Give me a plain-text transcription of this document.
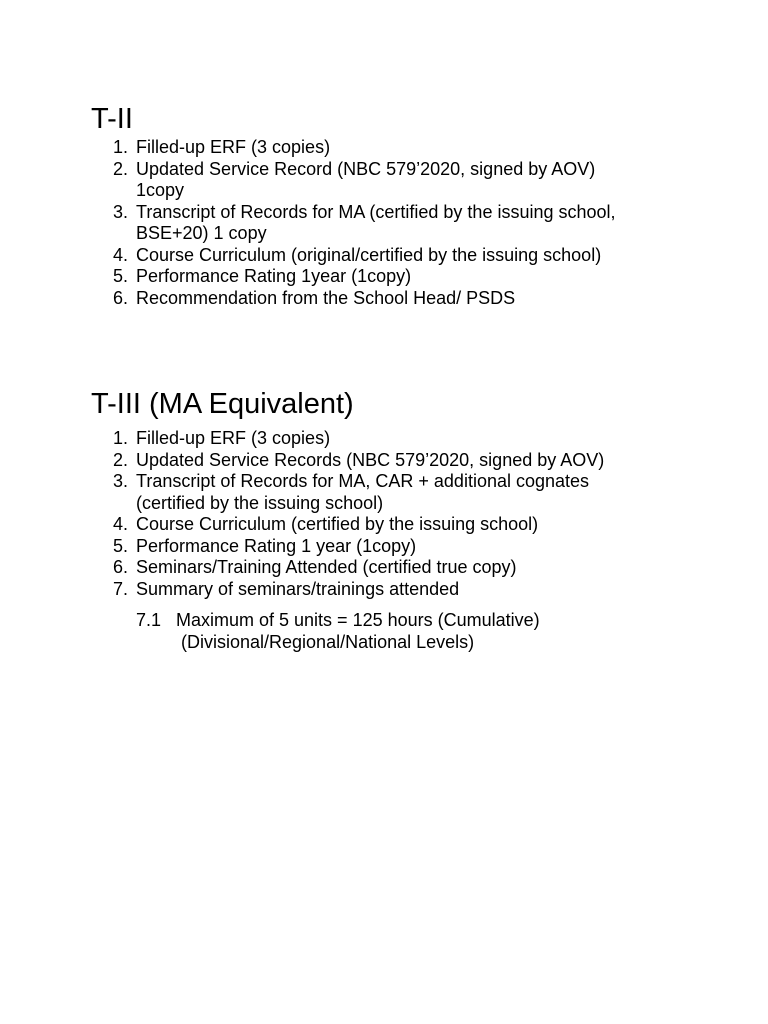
T-II
1. Filled-up ERF (3 copies)
2. Updated Service Record (NBC 579’2020, signed by AOV)
1copy
3. Transcript of Records for MA (certified by the issuing school,
BSE+20) 1 copy
4. Course Curriculum (original/certified by the issuing school)
5. Performance Rating 1year (1copy)
6. Recommendation from the School Head/ PSDS
T-III (MA Equivalent)
1. Filled-up ERF (3 copies)
2. Updated Service Records (NBC 579’2020, signed by AOV)
3. Transcript of Records for MA, CAR + additional cognates
(certified by the issuing school)
4. Course Curriculum (certified by the issuing school)
5. Performance Rating 1 year (1copy)
6. Seminars/Training Attended (certified true copy)
7. Summary of seminars/trainings attended
7.1 Maximum of 5 units = 125 hours (Cumulative)
(Divisional/Regional/National Levels)
